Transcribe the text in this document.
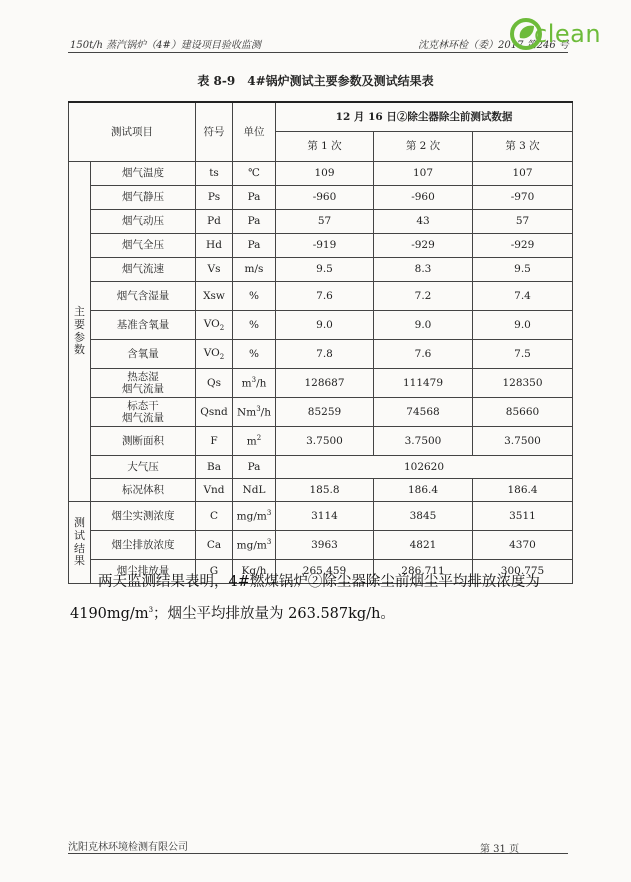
150t/h 蒸汽锅炉（4#）建设项目验收监测	沈克林环检（委）2017 第246 号
clean
表 8-9　4#锅炉测试主要参数及测试结果表
测试项目		符号	单位	12 月 16 日②除尘器除尘前测试数据		
				第 1 次	第 2 次	第 3 次

主
要
参
数	烟气温度	ts	℃	109	107	107
	烟气静压	Ps	Pa	-960	-960	-970
	烟气动压	Pd	Pa	57	43	57
	烟气全压	Hd	Pa	-919	-929	-929
	烟气流速	Vs	m/s	9.5	8.3	9.5
	烟气含湿量	Xsw	%	7.6	7.2	7.4
	基准含氧量	$VO_2$	%	9.0	9.0	9.0
	含氧量	$VO_2$	%	7.8	7.6	7.5
	热态湿
烟气流量	Qs	$m^3/h$	128687	111479	128350
	标态干
烟气流量	Qsnd	Nm$^3$/h	85259	74568	85660
	测断面积	F	$m^2$	3.7500	3.7500	3.7500
	大气压	Ba	Pa	102620		
	标况体积	Vnd	NdL	185.8	186.4	186.4

测
试
结
果	烟尘实测浓度	C	$mg/m^3$	3114	3845	3511
	烟尘排放浓度	Ca	$mg/m^3$	3963	4821	4370
	烟尘排放量	G	Kg/h	265.459	286.711	300.775
两天监测结果表明，4#燃煤锅炉②除尘器除尘前烟尘平均排放浓度为 $4190mg/m^3$；烟尘平均排放量为 263.587kg/h。
沈阳克林环境检测有限公司	第 31 页
